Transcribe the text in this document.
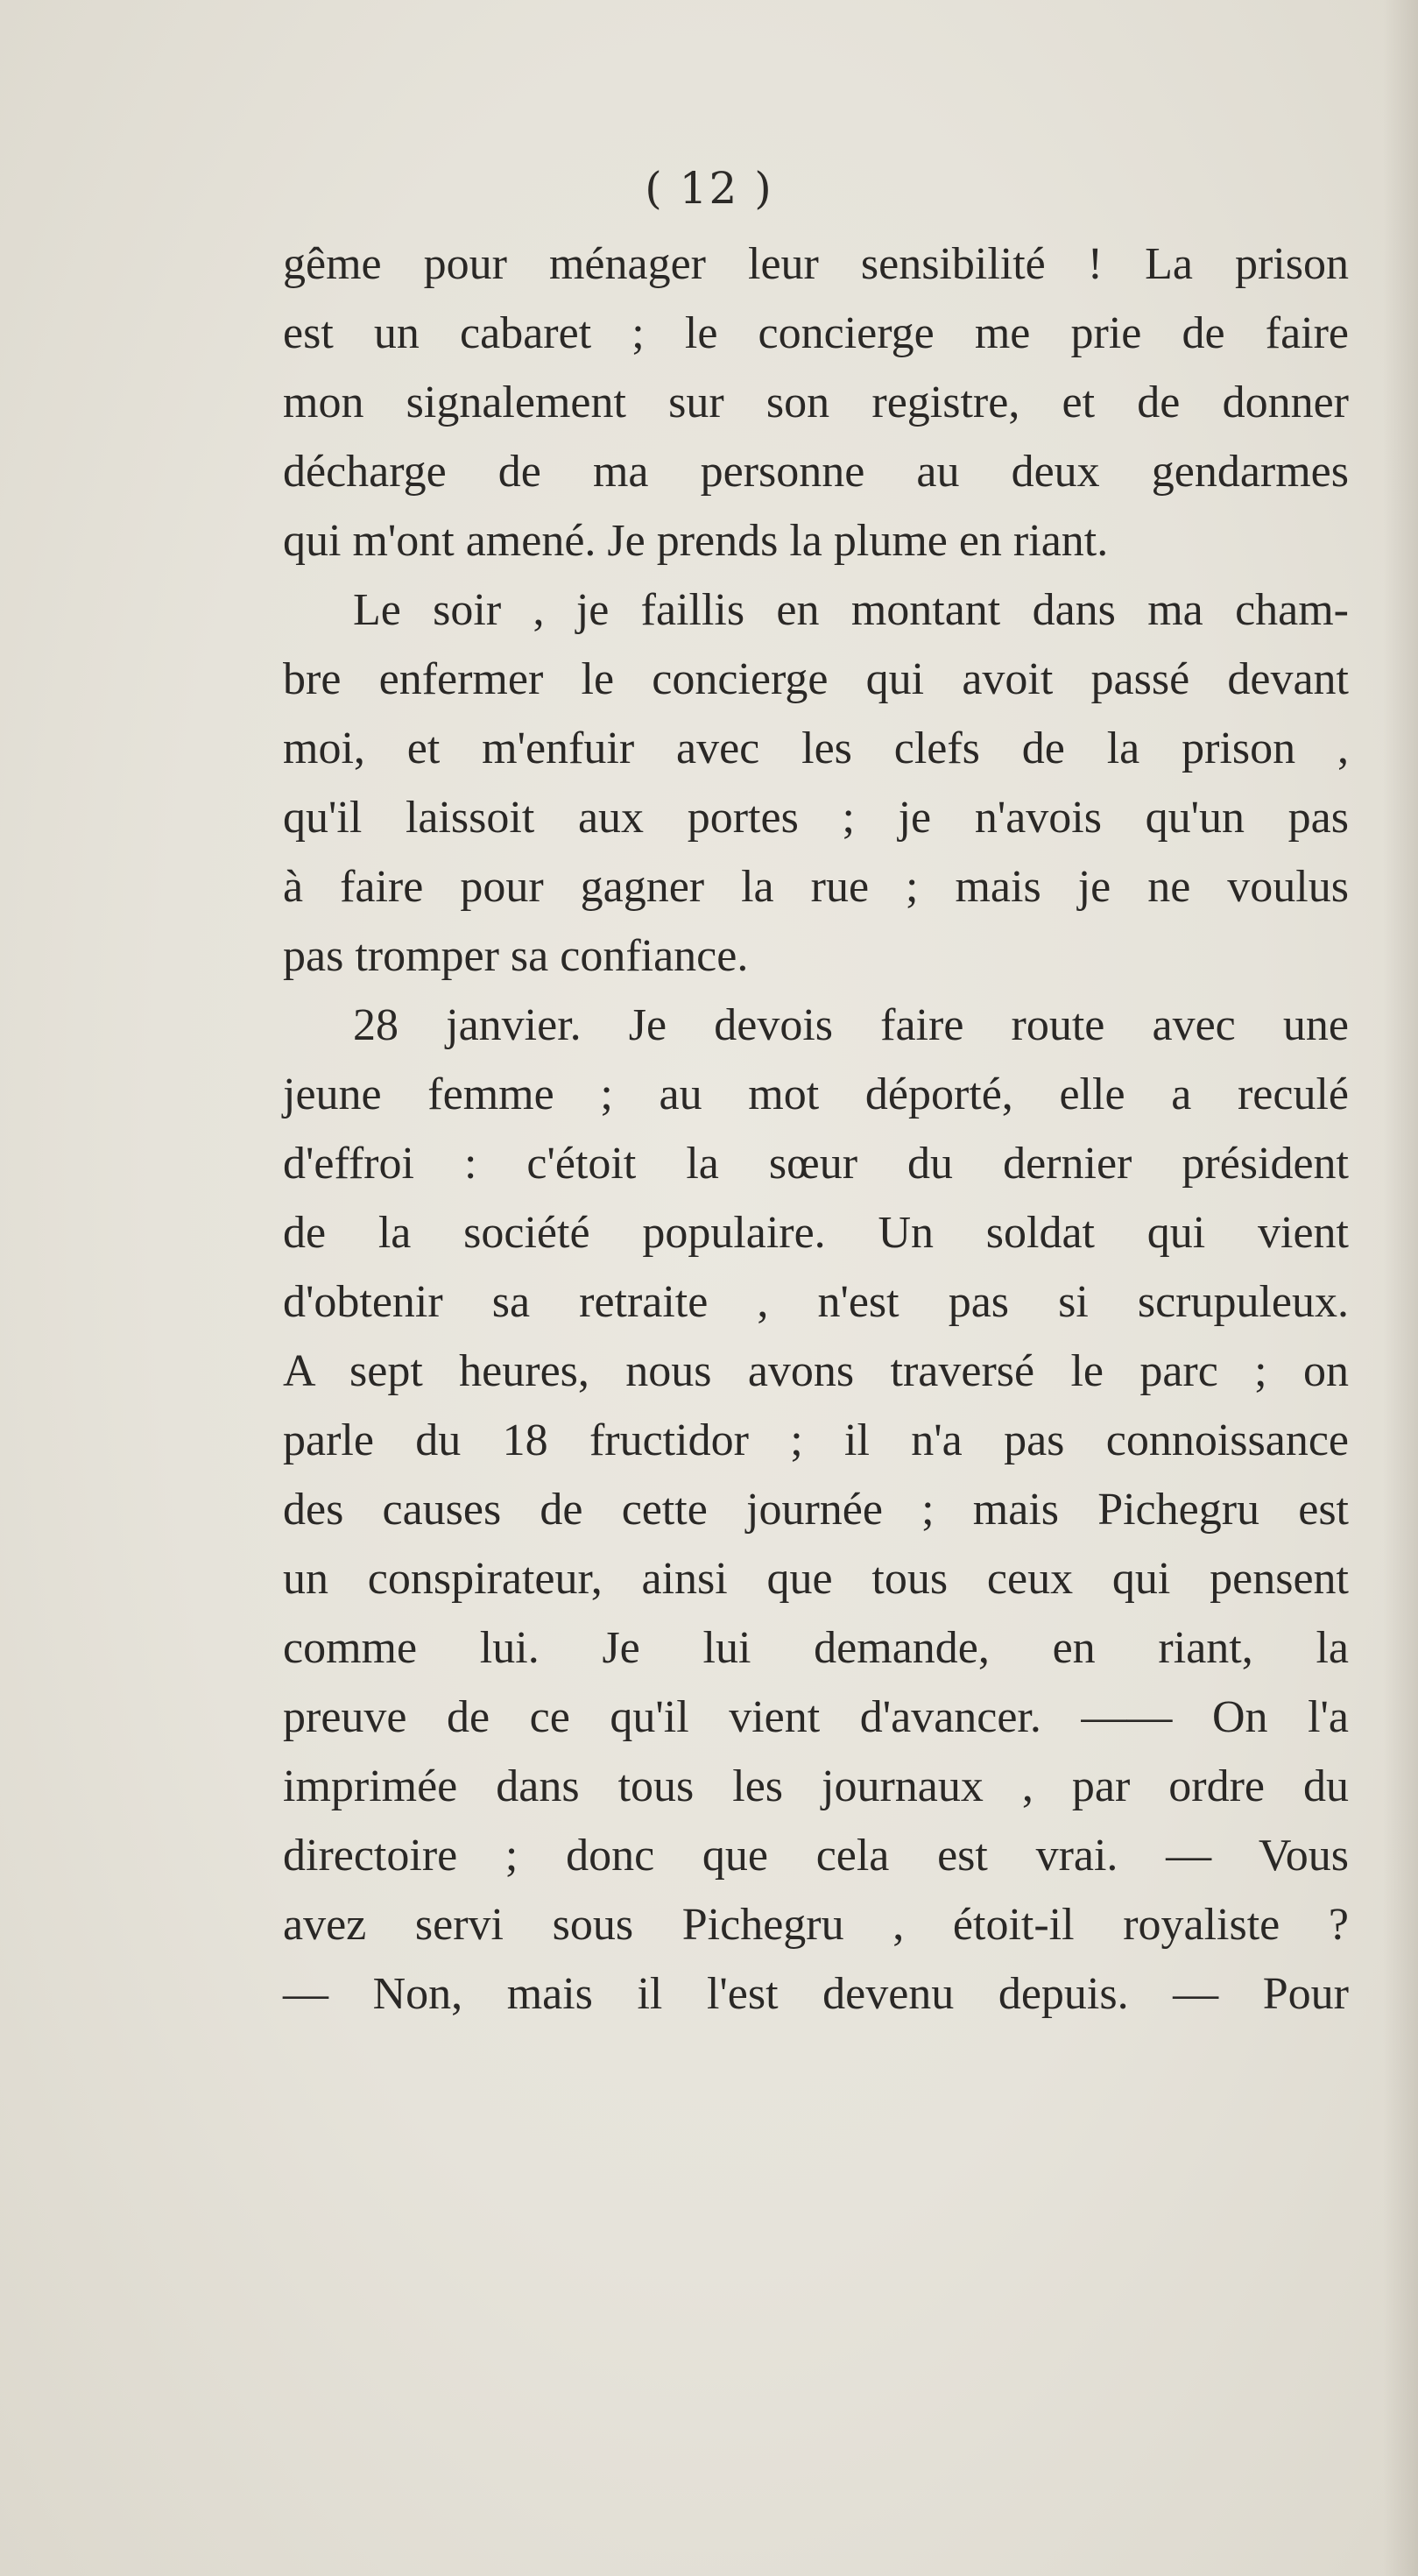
( 12 )
gême pour ménager leur sensibilité ! La prison
est un cabaret ; le concierge me prie de faire
mon signalement sur son registre, et de donner
décharge de ma personne au deux gendarmes
qui m'ont amené. Je prends la plume en riant.
Le soir , je faillis en montant dans ma cham-
bre enfermer le concierge qui avoit passé devant
moi, et m'enfuir avec les clefs de la prison ,
qu'il laissoit aux portes ; je n'avois qu'un pas
à faire pour gagner la rue ; mais je ne voulus
pas tromper sa confiance.
28 janvier. Je devois faire route avec une
jeune femme ; au mot déporté, elle a reculé
d'effroi : c'étoit la sœur du dernier président
de la société populaire. Un soldat qui vient
d'obtenir sa retraite , n'est pas si scrupuleux.
A sept heures, nous avons traversé le parc ; on
parle du 18 fructidor ; il n'a pas connoissance
des causes de cette journée ; mais Pichegru est
un conspirateur, ainsi que tous ceux qui pensent
comme lui. Je lui demande, en riant, la
preuve de ce qu'il vient d'avancer. —— On l'a
imprimée dans tous les journaux , par ordre du
directoire ; donc que cela est vrai. — Vous
avez servi sous Pichegru , étoit-il royaliste ?
— Non, mais il l'est devenu depuis. — Pour
